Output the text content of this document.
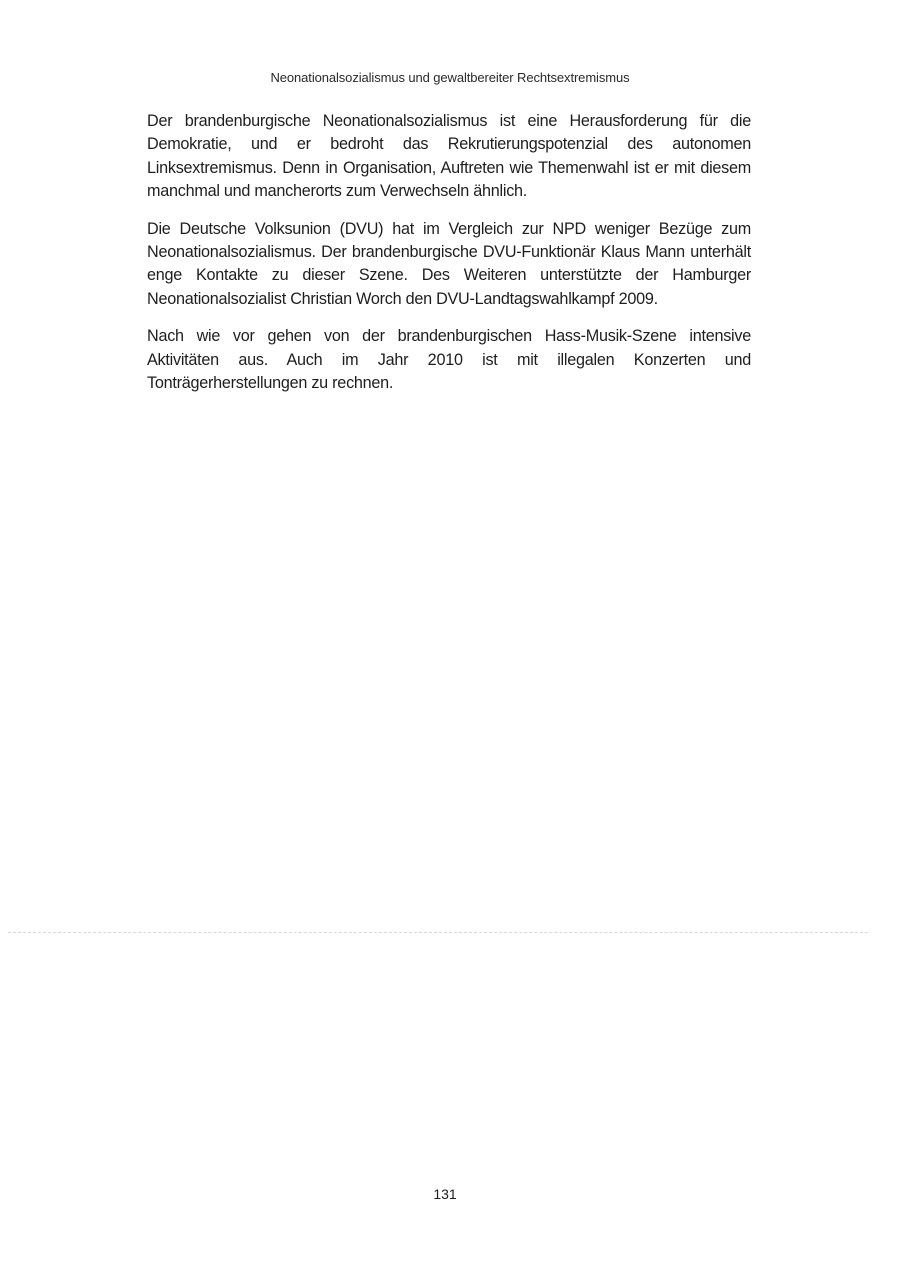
Neonationalsozialismus und gewaltbereiter Rechtsextremismus

Der brandenburgische Neonationalsozialismus ist eine Herausforderung für die Demokratie, und er bedroht das Rekrutierungspotenzial des autonomen Linksextremismus. Denn in Organisation, Auftreten wie Themenwahl ist er mit diesem manchmal und mancherorts zum Verwechseln ähnlich.

Die Deutsche Volksunion (DVU) hat im Vergleich zur NPD weniger Bezüge zum Neonationalsozialismus. Der brandenburgische DVU-Funktionär Klaus Mann unterhält enge Kontakte zu dieser Szene. Des Weiteren unterstützte der Hamburger Neonationalsozialist Christian Worch den DVU-Landtagswahlkampf 2009.

Nach wie vor gehen von der brandenburgischen Hass-Musik-Szene intensive Aktivitäten aus. Auch im Jahr 2010 ist mit illegalen Konzerten und Tonträgerherstellungen zu rechnen.

131
